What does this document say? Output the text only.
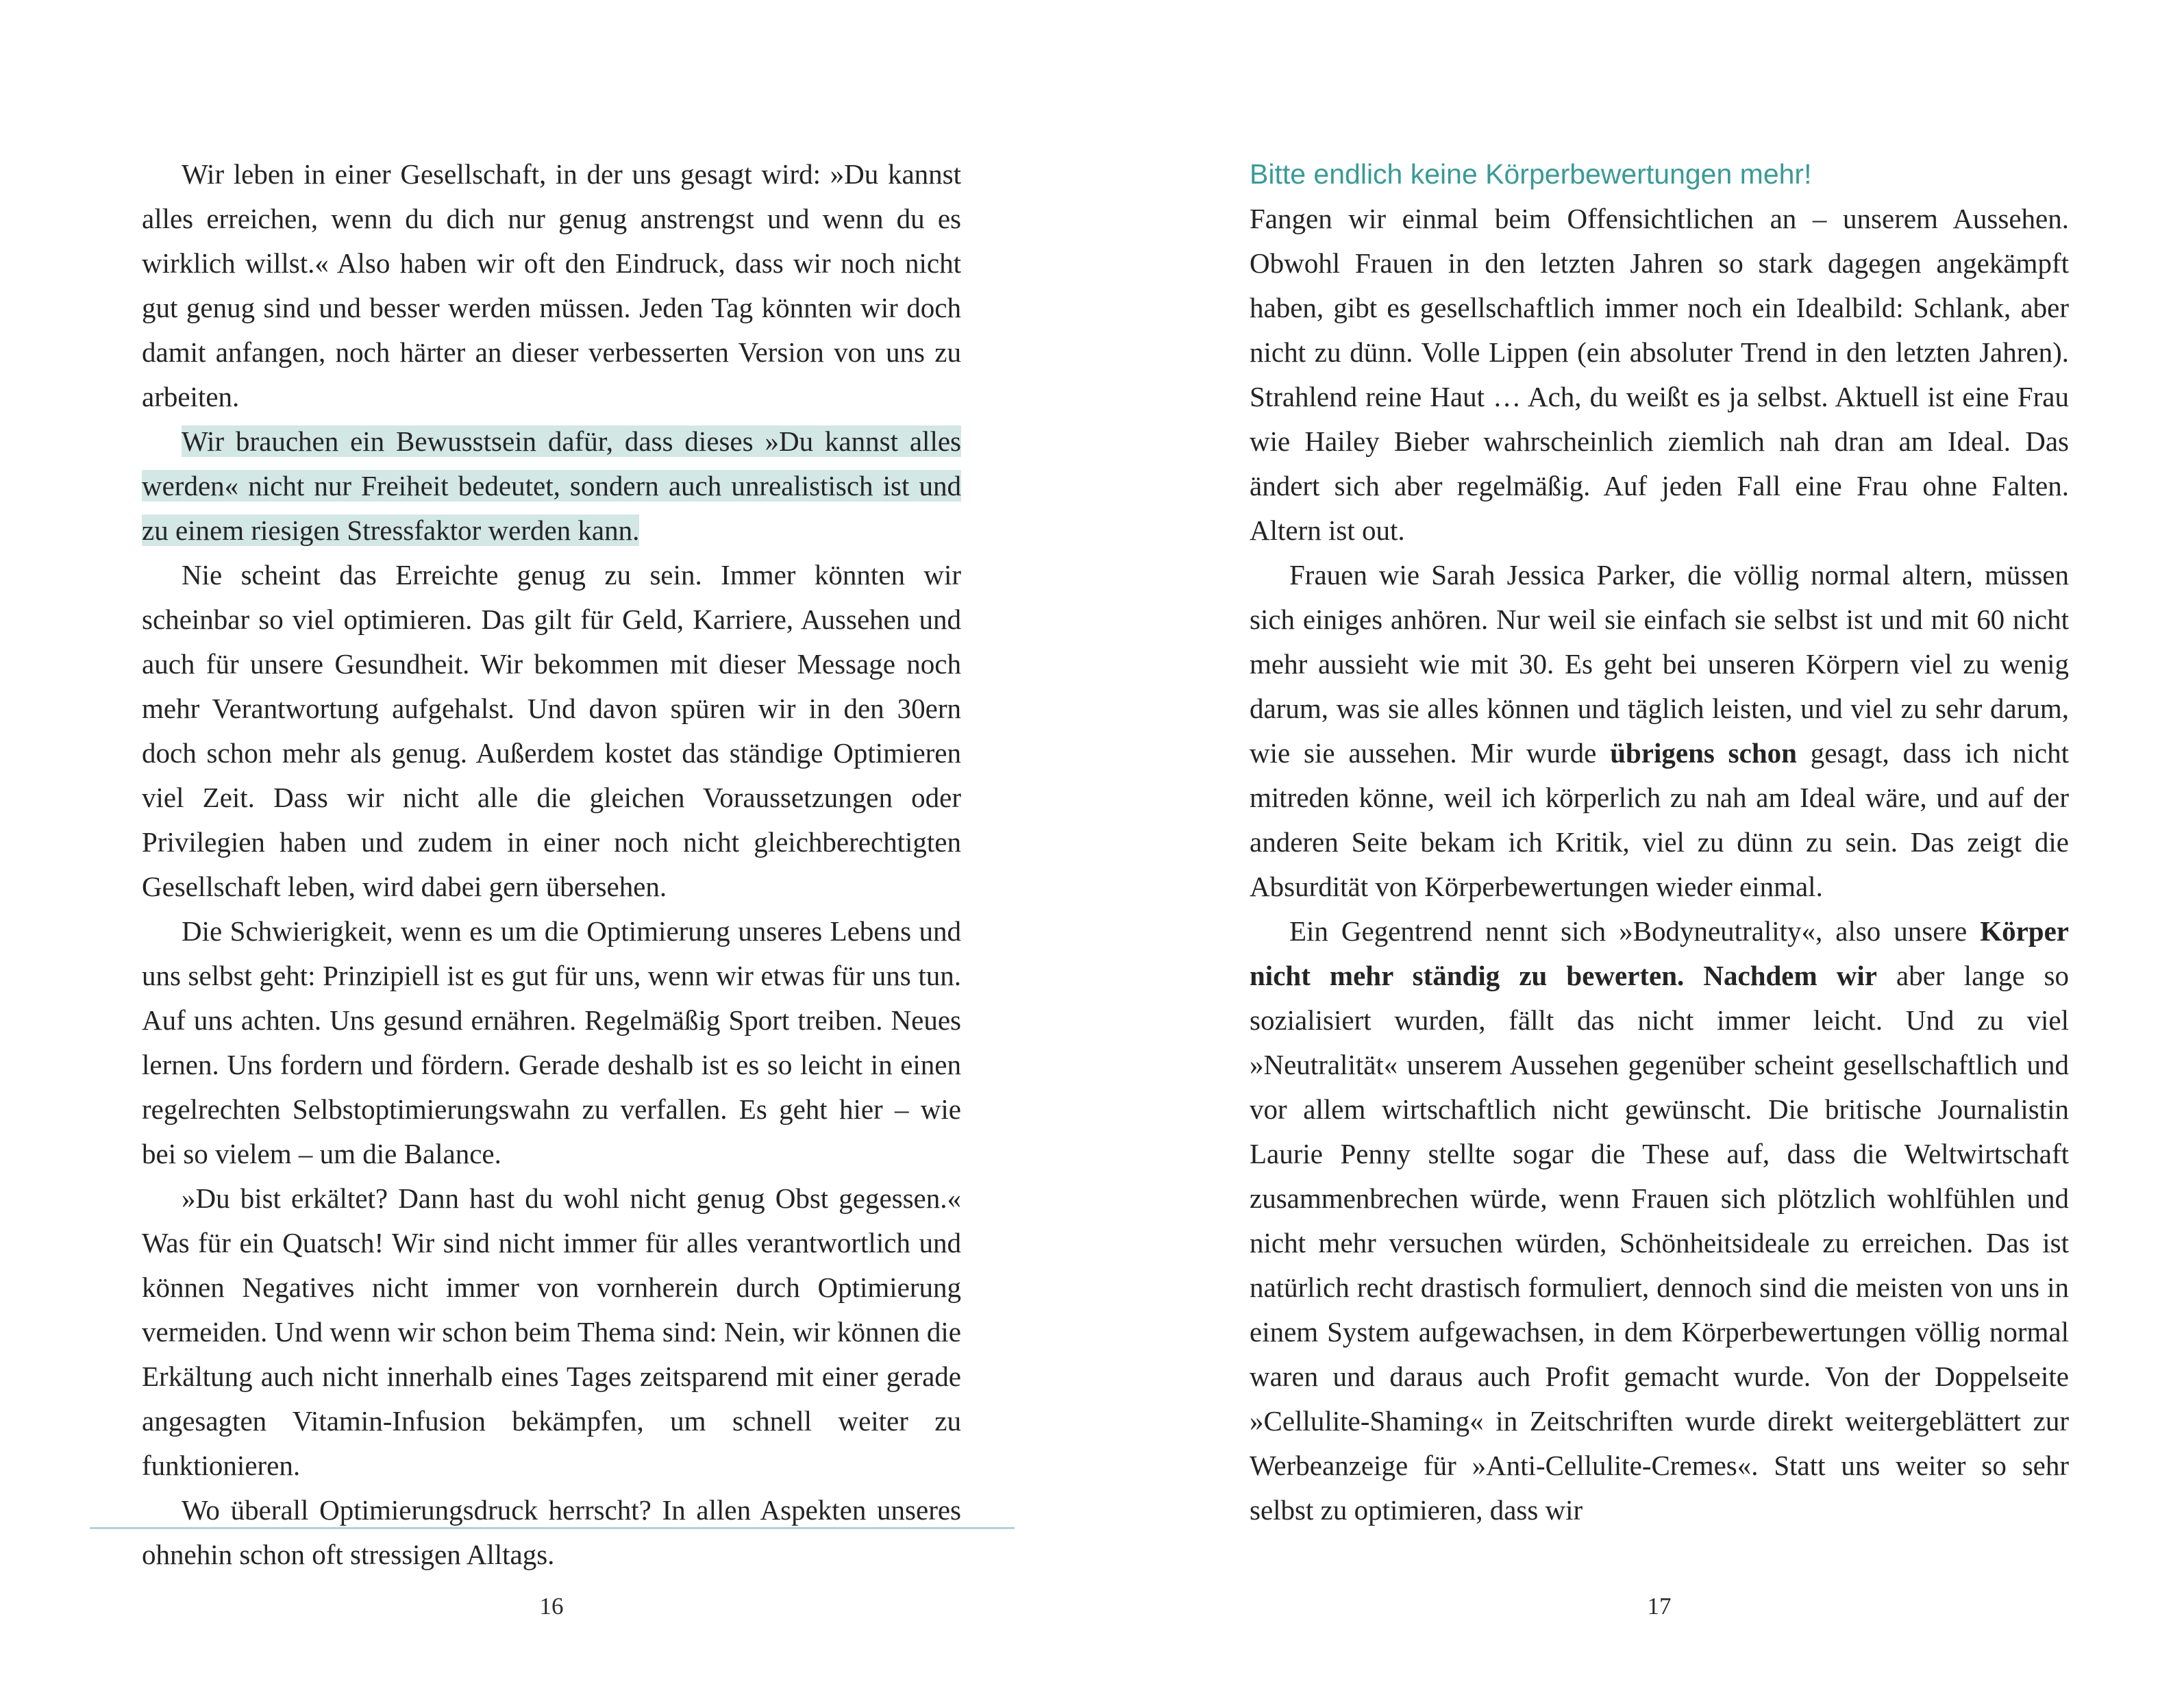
Wir leben in einer Gesellschaft, in der uns gesagt wird: »Du kannst alles erreichen, wenn du dich nur genug anstrengst und wenn du es wirklich willst.« Also haben wir oft den Eindruck, dass wir noch nicht gut genug sind und besser werden müssen. Jeden Tag könnten wir doch damit anfangen, noch härter an dieser verbesserten Version von uns zu arbeiten.

Wir brauchen ein Bewusstsein dafür, dass dieses »Du kannst alles werden« nicht nur Freiheit bedeutet, sondern auch unrealistisch ist und zu einem riesigen Stressfaktor werden kann.

Nie scheint das Erreichte genug zu sein. Immer könnten wir scheinbar so viel optimieren. Das gilt für Geld, Karriere, Aussehen und auch für unsere Gesundheit. Wir bekommen mit dieser Message noch mehr Verantwortung aufgehalst. Und davon spüren wir in den 30ern doch schon mehr als genug. Außerdem kostet das ständige Optimieren viel Zeit. Dass wir nicht alle die gleichen Voraussetzungen oder Privilegien haben und zudem in einer noch nicht gleichberechtigten Gesellschaft leben, wird dabei gern übersehen.

Die Schwierigkeit, wenn es um die Optimierung unseres Lebens und uns selbst geht: Prinzipiell ist es gut für uns, wenn wir etwas für uns tun. Auf uns achten. Uns gesund ernähren. Regelmäßig Sport treiben. Neues lernen. Uns fordern und fördern. Gerade deshalb ist es so leicht in einen regelrechten Selbstoptimierungswahn zu verfallen. Es geht hier – wie bei so vielem – um die Balance.

»Du bist erkältet? Dann hast du wohl nicht genug Obst gegessen.« Was für ein Quatsch! Wir sind nicht immer für alles verantwortlich und können Negatives nicht immer von vornherein durch Optimierung vermeiden. Und wenn wir schon beim Thema sind: Nein, wir können die Erkältung auch nicht innerhalb eines Tages zeitsparend mit einer gerade angesagten Vitamin-Infusion bekämpfen, um schnell weiter zu funktionieren.

Wo überall Optimierungsdruck herrscht? In allen Aspekten unseres ohnehin schon oft stressigen Alltags.

Bitte endlich keine Körperbewertungen mehr!

Fangen wir einmal beim Offensichtlichen an – unserem Aussehen. Obwohl Frauen in den letzten Jahren so stark dagegen angekämpft haben, gibt es gesellschaftlich immer noch ein Idealbild: Schlank, aber nicht zu dünn. Volle Lippen (ein absoluter Trend in den letzten Jahren). Strahlend reine Haut … Ach, du weißt es ja selbst. Aktuell ist eine Frau wie Hailey Bieber wahrscheinlich ziemlich nah dran am Ideal. Das ändert sich aber regelmäßig. Auf jeden Fall eine Frau ohne Falten. Altern ist out.

Frauen wie Sarah Jessica Parker, die völlig normal altern, müssen sich einiges anhören. Nur weil sie einfach sie selbst ist und mit 60 nicht mehr aussieht wie mit 30. Es geht bei unseren Körpern viel zu wenig darum, was sie alles können und täglich leisten, und viel zu sehr darum, wie sie aussehen. Mir wurde übrigens schon gesagt, dass ich nicht mitreden könne, weil ich körperlich zu nah am Ideal wäre, und auf der anderen Seite bekam ich Kritik, viel zu dünn zu sein. Das zeigt die Absurdität von Körperbewertungen wieder einmal.

Ein Gegentrend nennt sich »Bodyneutrality«, also unsere Körper nicht mehr ständig zu bewerten. Nachdem wir aber lange so sozialisiert wurden, fällt das nicht immer leicht. Und zu viel »Neutralität« unserem Aussehen gegenüber scheint gesellschaftlich und vor allem wirtschaftlich nicht gewünscht. Die britische Journalistin Laurie Penny stellte sogar die These auf, dass die Weltwirtschaft zusammenbrechen würde, wenn Frauen sich plötzlich wohlfühlen und nicht mehr versuchen würden, Schönheitsideale zu erreichen. Das ist natürlich recht drastisch formuliert, dennoch sind die meisten von uns in einem System aufgewachsen, in dem Körperbewertungen völlig normal waren und daraus auch Profit gemacht wurde. Von der Doppelseite »Cellulite-Shaming« in Zeitschriften wurde direkt weitergeblättert zur Werbeanzeige für »Anti-Cellulite-Cremes«. Statt uns weiter so sehr selbst zu optimieren, dass wir

16	17
